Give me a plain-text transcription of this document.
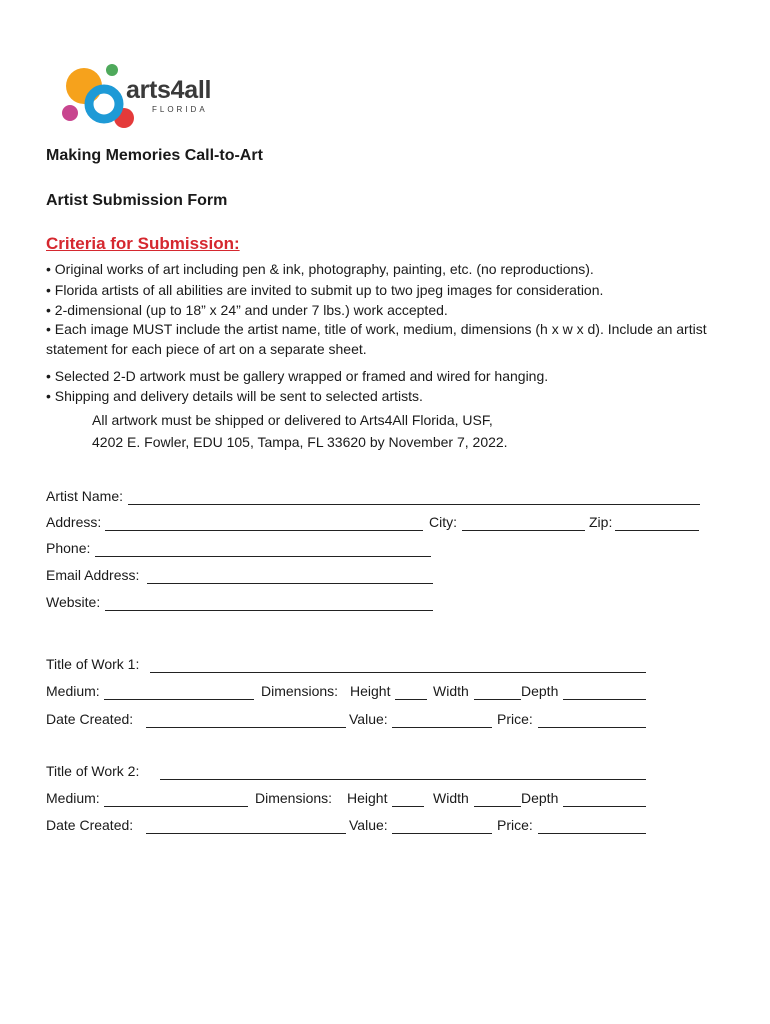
arts4all
FLORIDA
Making Memories Call-to-Art
Artist Submission Form
Criteria for Submission:
• Original works of art including pen & ink, photography, painting, etc. (no reproductions).
• Florida artists of all abilities are invited to submit up to two jpeg images for consideration.
• 2-dimensional (up to 18” x 24” and under 7 lbs.) work accepted.
• Each image MUST include the artist name, title of work, medium, dimensions (h x w x d). Include an artist statement for each piece of art on a separate sheet.
• Selected 2-D artwork must be gallery wrapped or framed and wired for hanging.
• Shipping and delivery details will be sent to selected artists.
All artwork must be shipped or delivered to Arts4All Florida, USF,
4202 E. Fowler, EDU 105, Tampa, FL 33620 by November 7, 2022.
Artist Name:
Address:	City:	Zip:
Phone:
Email Address:
Website:
Title of Work 1:
Medium:	Dimensions: Height	Width	Depth
Date Created:	Value:	Price:
Title of Work 2:
Medium:	Dimensions: Height	Width	Depth
Date Created:	Value:	Price:
